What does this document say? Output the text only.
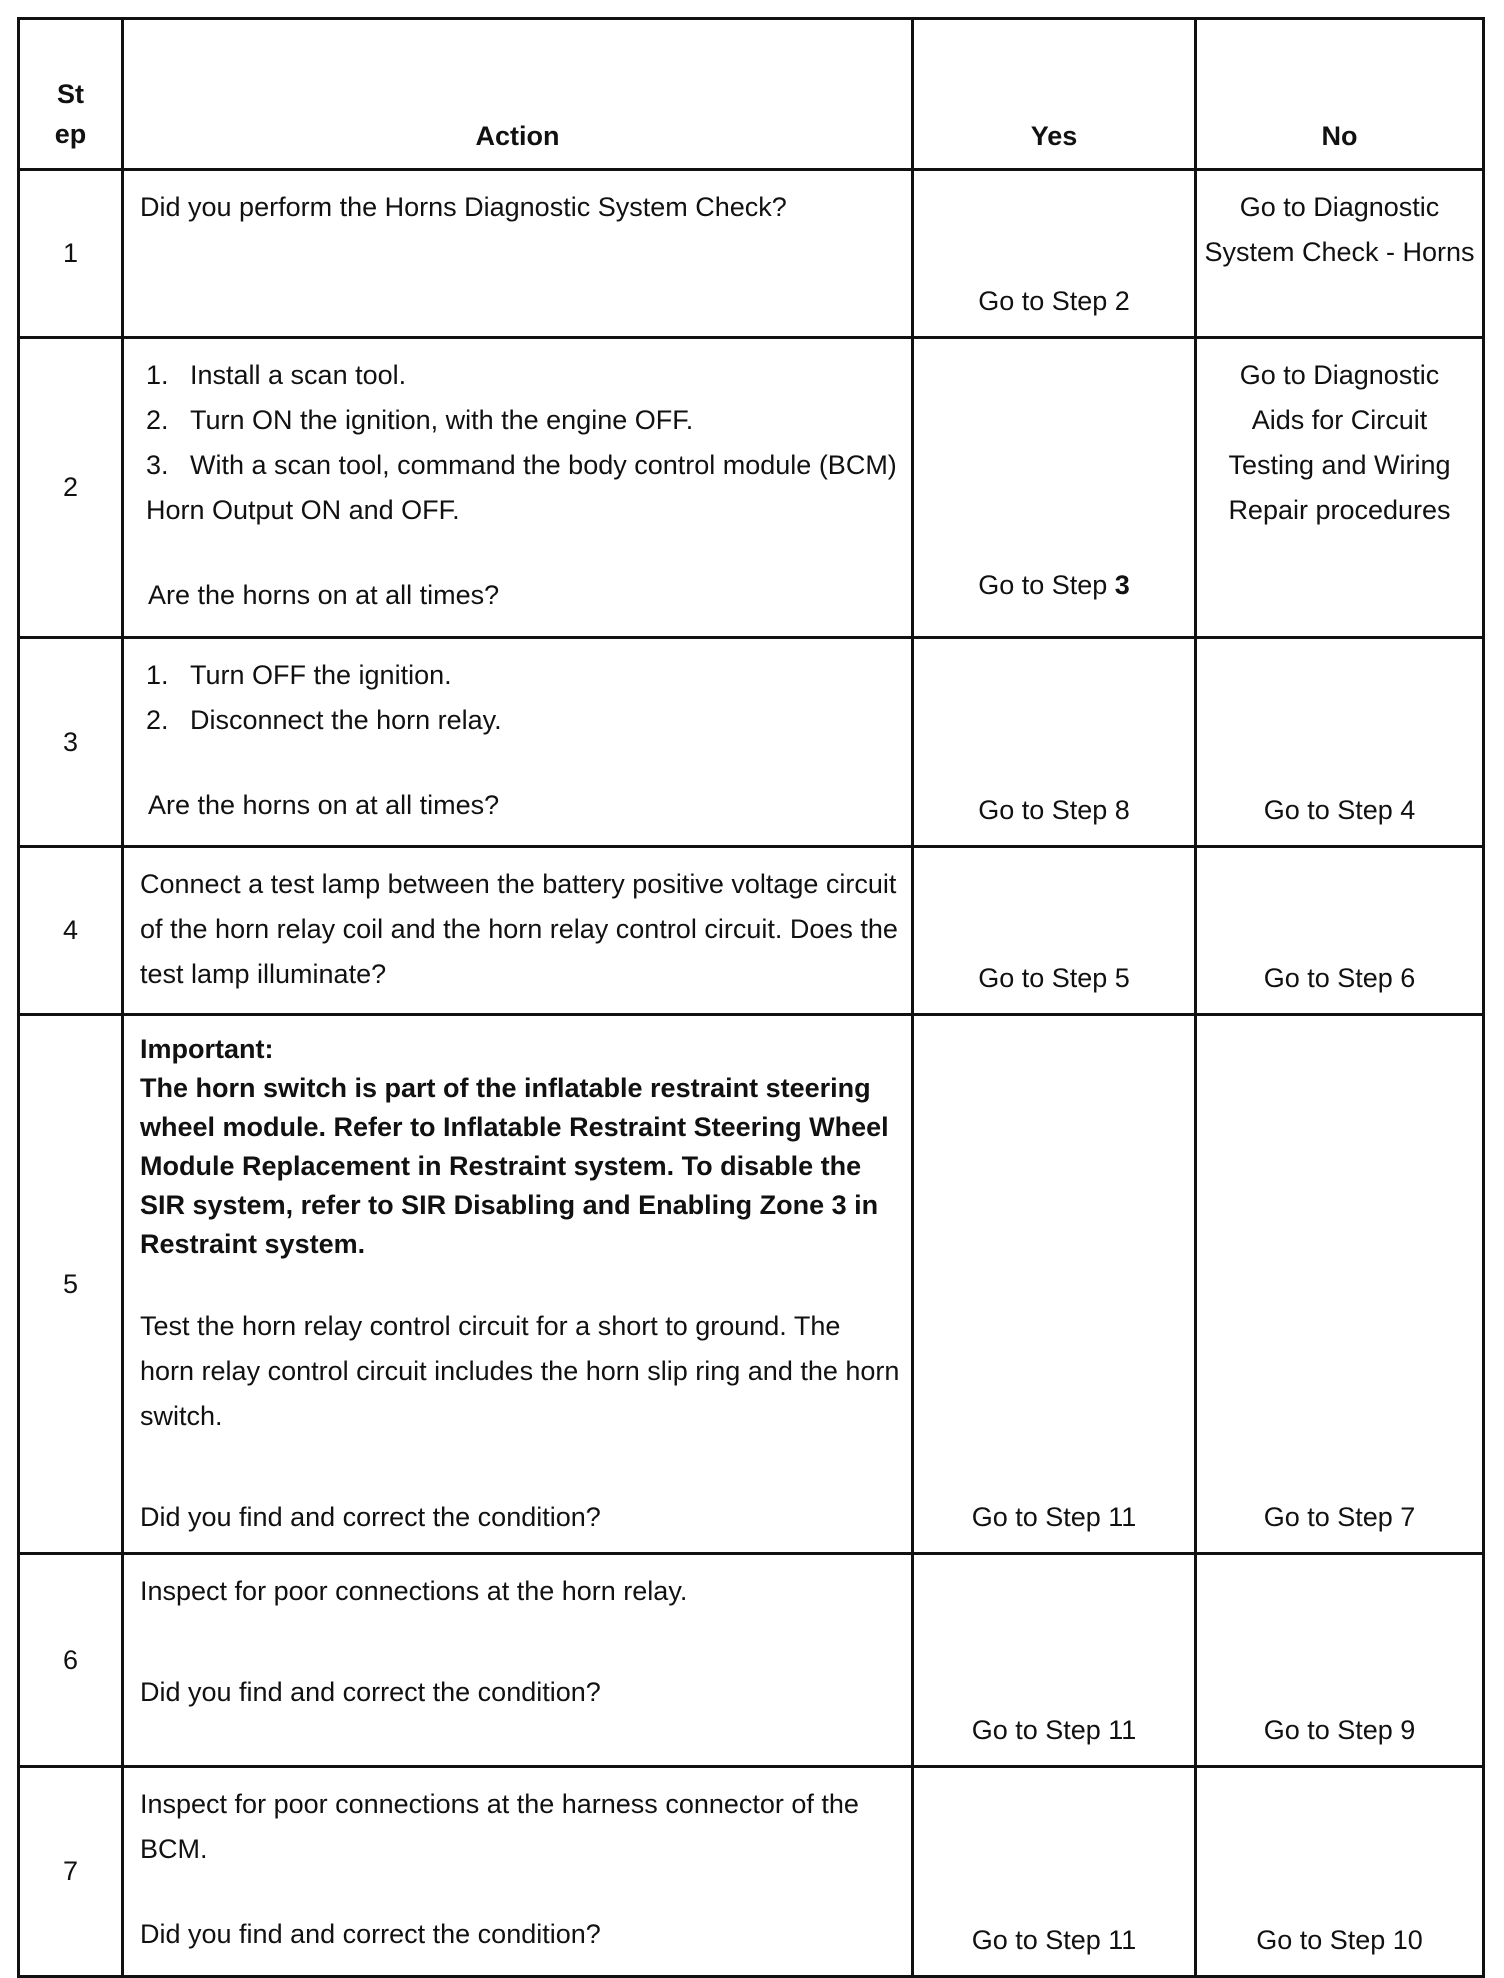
St
ep	Action	Yes	No

1	Did you perform the Horns Diagnostic System Check?	Go to Step 2	Go to Diagnostic System Check - Horns
2	1. Install a scan tool.
2. Turn ON the ignition, with the engine OFF.
3. With a scan tool, command the body control module (BCM) Horn Output ON and OFF.
Are the horns on at all times?	Go to Step 3	Go to Diagnostic Aids for Circuit Testing and Wiring Repair procedures
3	1. Turn OFF the ignition.
2. Disconnect the horn relay.
Are the horns on at all times?	Go to Step 8	Go to Step 4
4	Connect a test lamp between the battery positive voltage circuit of the horn relay coil and the horn relay control circuit. Does the test lamp illuminate?	Go to Step 5	Go to Step 6
5	Important:
The horn switch is part of the inflatable restraint steering wheel module. Refer to Inflatable Restraint Steering Wheel Module Replacement in Restraint system. To disable the SIR system, refer to SIR Disabling and Enabling Zone 3 in Restraint system.
Test the horn relay control circuit for a short to ground. The horn relay control circuit includes the horn slip ring and the horn switch.
Did you find and correct the condition?	Go to Step 11	Go to Step 7
6	Inspect for poor connections at the horn relay.
Did you find and correct the condition?	Go to Step 11	Go to Step 9
7	Inspect for poor connections at the harness connector of the BCM.
Did you find and correct the condition?	Go to Step 11	Go to Step 10
